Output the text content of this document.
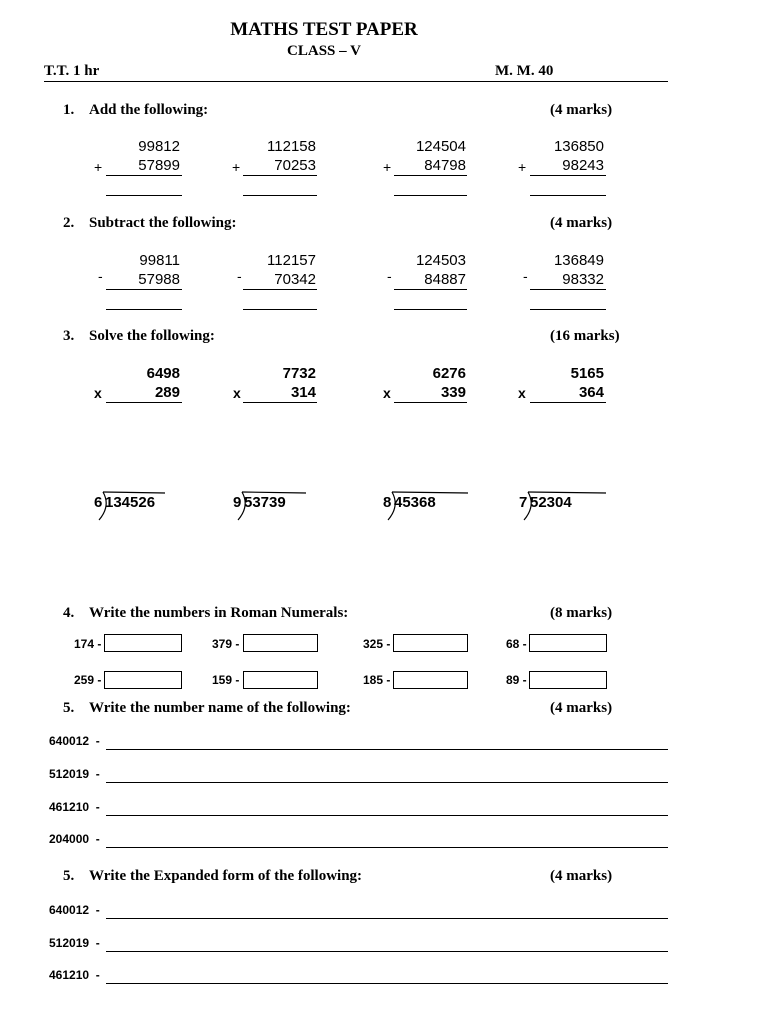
MATHS TEST PAPER
CLASS – V
T.T. 1 hr	M. M. 40
1. Add the following:	(4 marks)
99812
+	57899
112158
+	70253
124504
+	84798
136850
+	98243
2. Subtract the following:	(4 marks)
99811
-	57988
112157
-	70342
124503
-	84887
136849
-	98332
3. Solve the following:	(16 marks)
6498
x	289
7732
x	314
6276
x	339
5165
x	364
6 134526	9 53739	8 45368	7 52304
4. Write the numbers in Roman Numerals:	(8 marks)
174 -	379 -	325 -	68 -
259 -	159 -	185 -	89 -
5. Write the number name of the following:	(4 marks)
640012  -
512019  -
461210  -
204000  -
5. Write the Expanded form of the following:	(4 marks)
640012  -
512019  -
461210  -
